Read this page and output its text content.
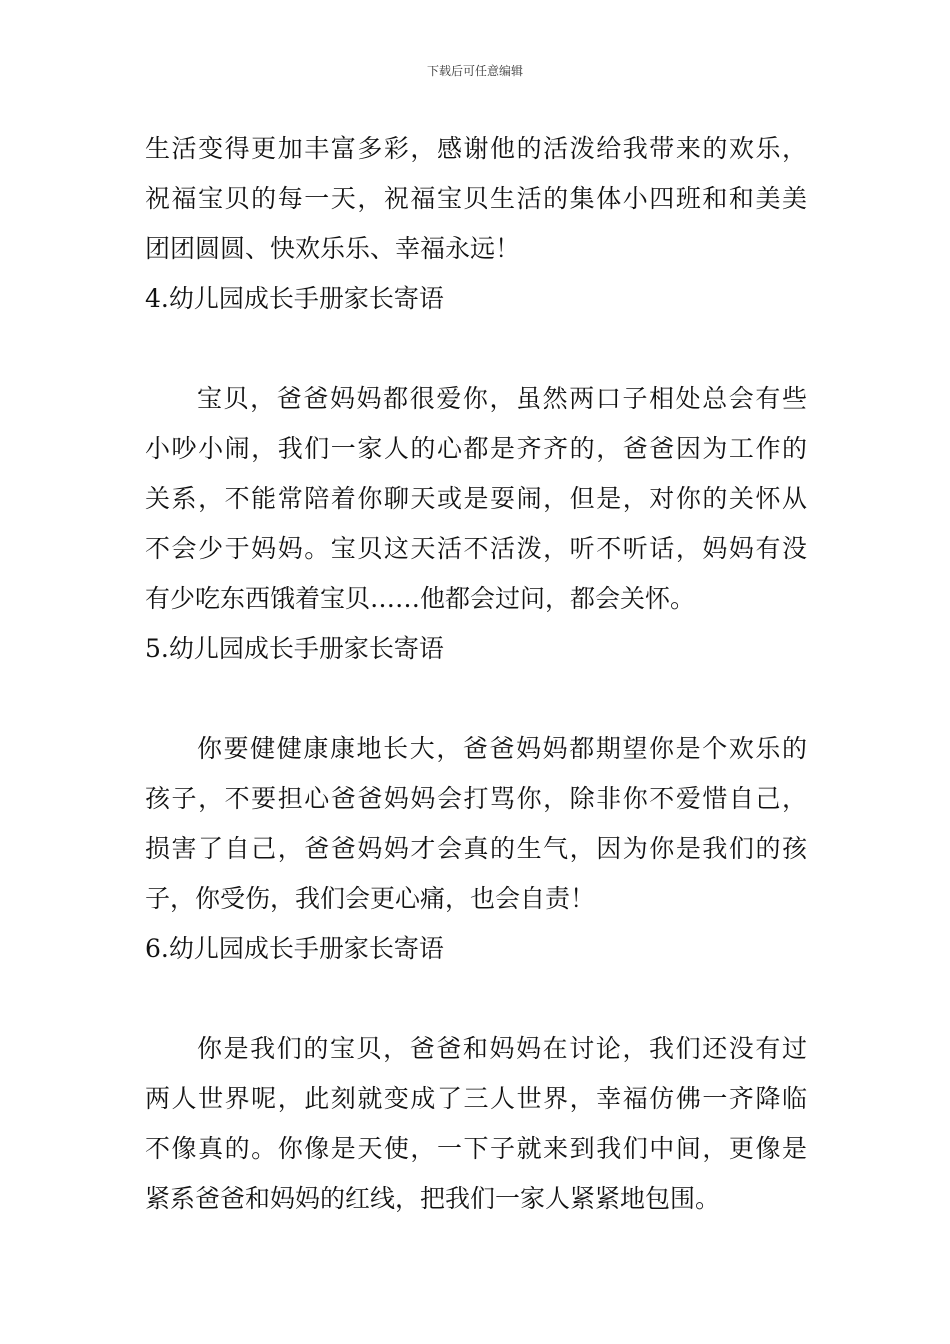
下载后可任意编辑
生活变得更加丰富多彩，感谢他的活泼给我带来的欢乐，
祝福宝贝的每一天，祝福宝贝生活的集体小四班和和美美
团团圆圆、快欢乐乐、幸福永远！
4.幼儿园成长手册家长寄语
宝贝，爸爸妈妈都很爱你，虽然两口子相处总会有些
小吵小闹，我们一家人的心都是齐齐的，爸爸因为工作的
关系，不能常陪着你聊天或是耍闹，但是，对你的关怀从
不会少于妈妈。宝贝这天活不活泼，听不听话，妈妈有没
有少吃东西饿着宝贝……他都会过问，都会关怀。
5.幼儿园成长手册家长寄语
你要健健康康地长大，爸爸妈妈都期望你是个欢乐的
孩子，不要担心爸爸妈妈会打骂你，除非你不爱惜自己，
损害了自己，爸爸妈妈才会真的生气，因为你是我们的孩
子，你受伤，我们会更心痛，也会自责！
6.幼儿园成长手册家长寄语
你是我们的宝贝，爸爸和妈妈在讨论，我们还没有过
两人世界呢，此刻就变成了三人世界，幸福仿佛一齐降临
不像真的。你像是天使，一下子就来到我们中间，更像是
紧系爸爸和妈妈的红线，把我们一家人紧紧地包围。
